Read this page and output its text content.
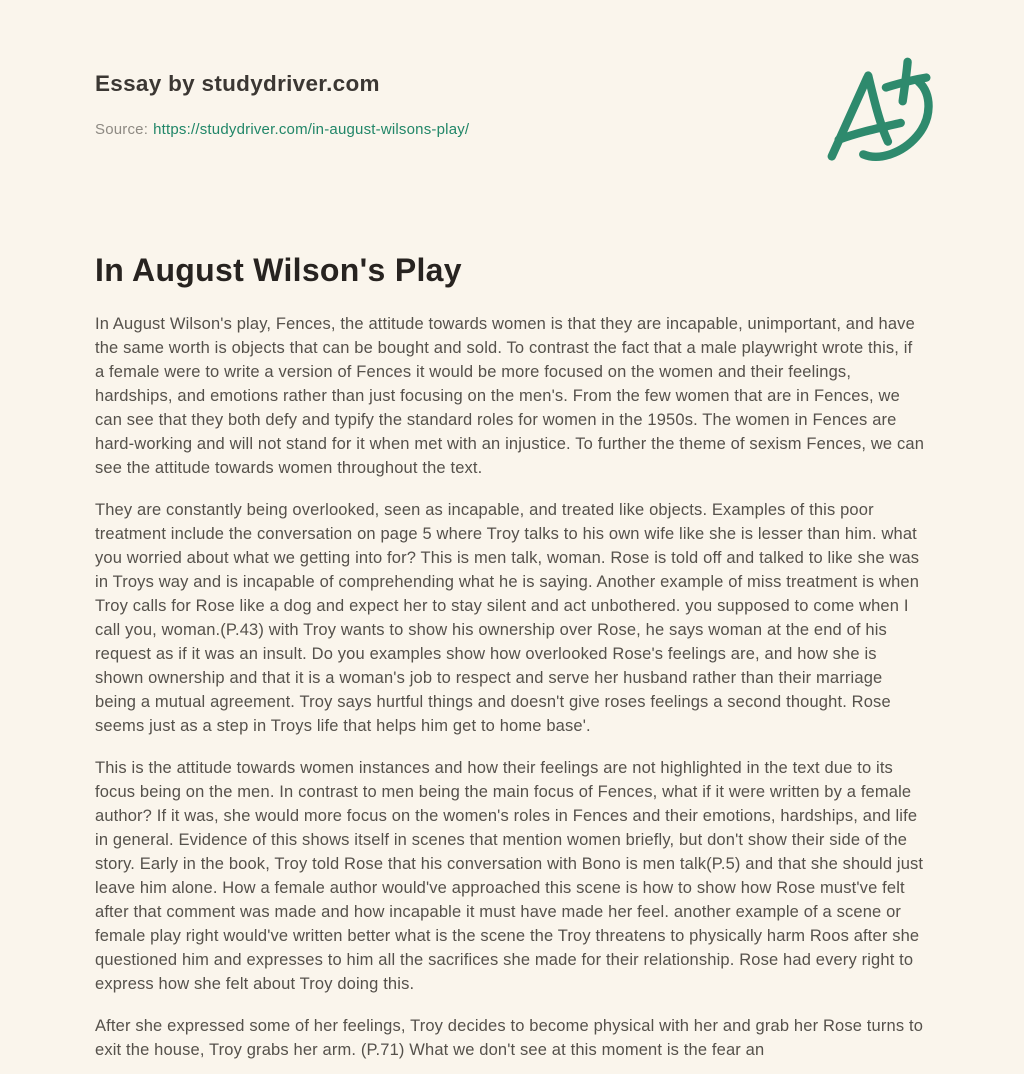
Essay by studydriver.com
Source: https://studydriver.com/in-august-wilsons-play/
In August Wilson's Play

In August Wilson's play, Fences, the attitude towards women is that they are incapable, unimportant, and have the same worth is objects that can be bought and sold. To contrast the fact that a male playwright wrote this, if a female were to write a version of Fences it would be more focused on the women and their feelings, hardships, and emotions rather than just focusing on the men's. From the few women that are in Fences, we can see that they both defy and typify the standard roles for women in the 1950s. The women in Fences are hard-working and will not stand for it when met with an injustice. To further the theme of sexism Fences, we can see the attitude towards women throughout the text.

They are constantly being overlooked, seen as incapable, and treated like objects. Examples of this poor treatment include the conversation on page 5 where Troy talks to his own wife like she is lesser than him. what you worried about what we getting into for? This is men talk, woman. Rose is told off and talked to like she was in Troys way and is incapable of comprehending what he is saying. Another example of miss treatment is when Troy calls for Rose like a dog and expect her to stay silent and act unbothered. you supposed to come when I call you, woman.(P.43) with Troy wants to show his ownership over Rose, he says woman at the end of his request as if it was an insult. Do you examples show how overlooked Rose's feelings are, and how she is shown ownership and that it is a woman's job to respect and serve her husband rather than their marriage being a mutual agreement. Troy says hurtful things and doesn't give roses feelings a second thought. Rose seems just as a step in Troys life that helps him get to home base'.

This is the attitude towards women instances and how their feelings are not highlighted in the text due to its focus being on the men. In contrast to men being the main focus of Fences, what if it were written by a female author? If it was, she would more focus on the women's roles in Fences and their emotions, hardships, and life in general. Evidence of this shows itself in scenes that mention women briefly, but don't show their side of the story. Early in the book, Troy told Rose that his conversation with Bono is men talk(P.5) and that she should just leave him alone. How a female author would've approached this scene is how to show how Rose must've felt after that comment was made and how incapable it must have made her feel. another example of a scene or female play right would've written better what is the scene the Troy threatens to physically harm Roos after she questioned him and expresses to him all the sacrifices she made for their relationship. Rose had every right to express how she felt about Troy doing this.

After she expressed some of her feelings, Troy decides to become physical with her and grab her Rose turns to exit the house, Troy grabs her arm. (P.71) What we don't see at this moment is the fear an
